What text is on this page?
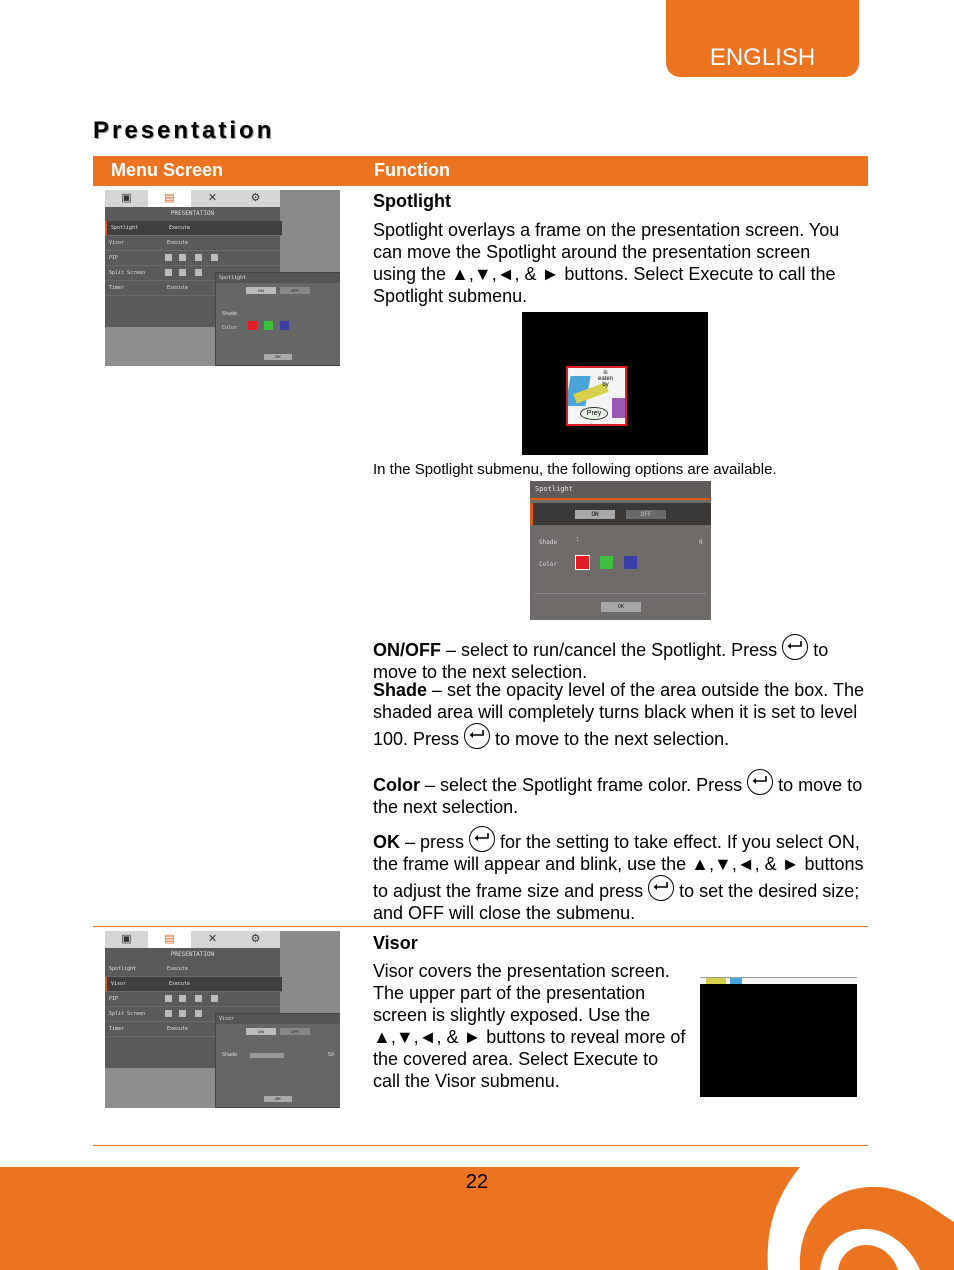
ENGLISH
Presentation
Menu Screen	Function
▣	▤	✕	⚙
PRESENTATION
Spotlight	Execute
Visor	Execute
PIP
Split Screen
Timer	Execute
Spotlight
ON	OFF
Shade
Color
OK
Spotlight
Spotlight overlays a frame on the presentation screen. You can move the Spotlight around the presentation screen using the ▲,▼,◄, & ► buttons. Select Execute to call the Spotlight submenu.
is
eaten
by
Prey
In the Spotlight submenu, the following options are available.
Spotlight
ON	OFF
Shade	1	0
Color
OK
ON/OFF – select to run/cancel the Spotlight. Press
to move to the next selection.
Shade – set the opacity level of the area outside the box. The shaded area will completely turns black when it is set to level 100. Press
to move to the next selection.
Color – select the Spotlight frame color. Press
to move to the next selection.
OK – press
for the setting to take effect. If you select ON, the frame will appear and blink, use the ▲,▼,◄, & ► buttons to adjust the frame size and press
to set the desired size; and OFF will close the submenu.
▣	▤	✕	⚙
PRESENTATION
Spotlight	Execute
Visor	Execute
PIP
Split Screen
Timer	Execute
Visor
ON	OFF
Shade	50
OK
Visor
Visor covers the presentation screen. The upper part of the presentation screen is slightly exposed. Use the ▲,▼,◄, & ► buttons to reveal more of the covered area. Select Execute to call the Visor submenu.
22
